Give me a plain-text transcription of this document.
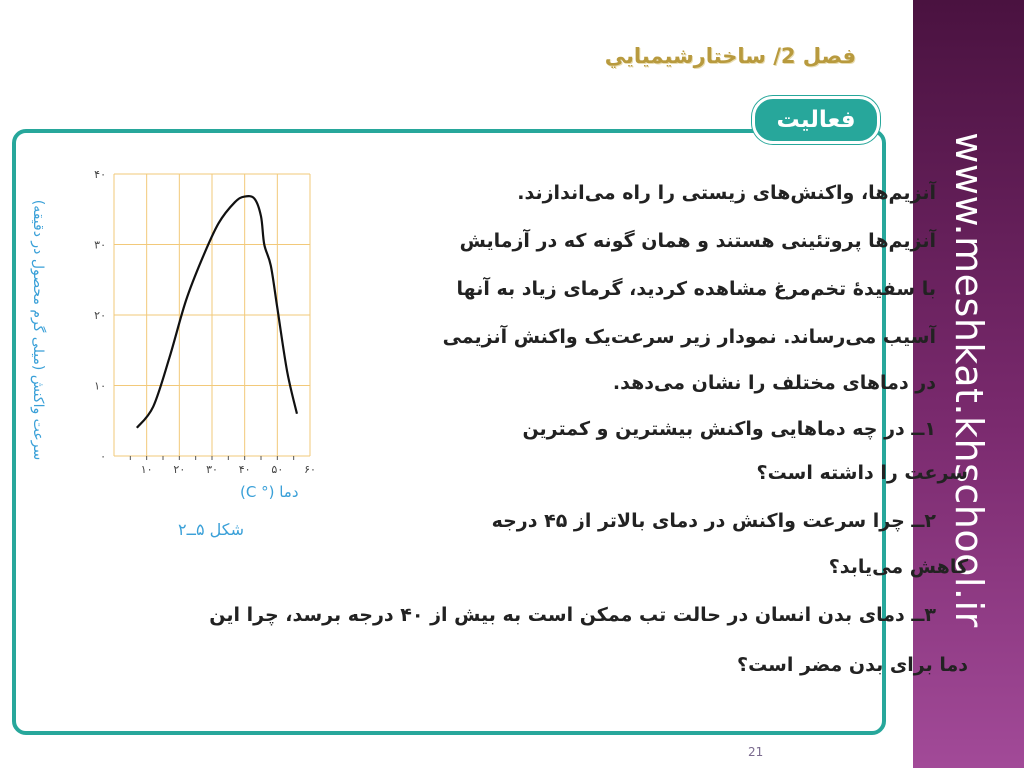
www.meshkat.khschool.ir
فصل 2/ ساختارشيميايي
فعالیت
۱۰ ۲۰ ۳۰ ۴۰ ۵۰ ۶۰
۰
۱۰
۲۰
۳۰
۴۰
سرعت واکنش (میلی گرم محصول در دقیقه)
دما (° C)
شکل ۵ــ۲
آنزیم‌ها، واکنش‌های زیستی را راه می‌اندازند.
آنزیم‌ها پروتئینی هستند و همان گونه که در آزمایش
با سفیدهٔ تخم‌مرغ مشاهده کردید، گرمای زیاد به آنها
آسیب می‌رساند. نمودار زیر سرعت‌یک واکنش آنزیمی
در دماهای مختلف را نشان می‌دهد.
۱ــ در چه دماهایی واکنش بیشترین و کمترین
سرعت را داشته است؟
۲ــ چرا سرعت واکنش در دمای بالاتر از ۴۵ درجه
کاهش می‌یابد؟
۳ــ دمای بدن انسان در حالت تب ممکن است به بیش از ۴۰ درجه برسد، چرا این
دما برای بدن مضر است؟
21
